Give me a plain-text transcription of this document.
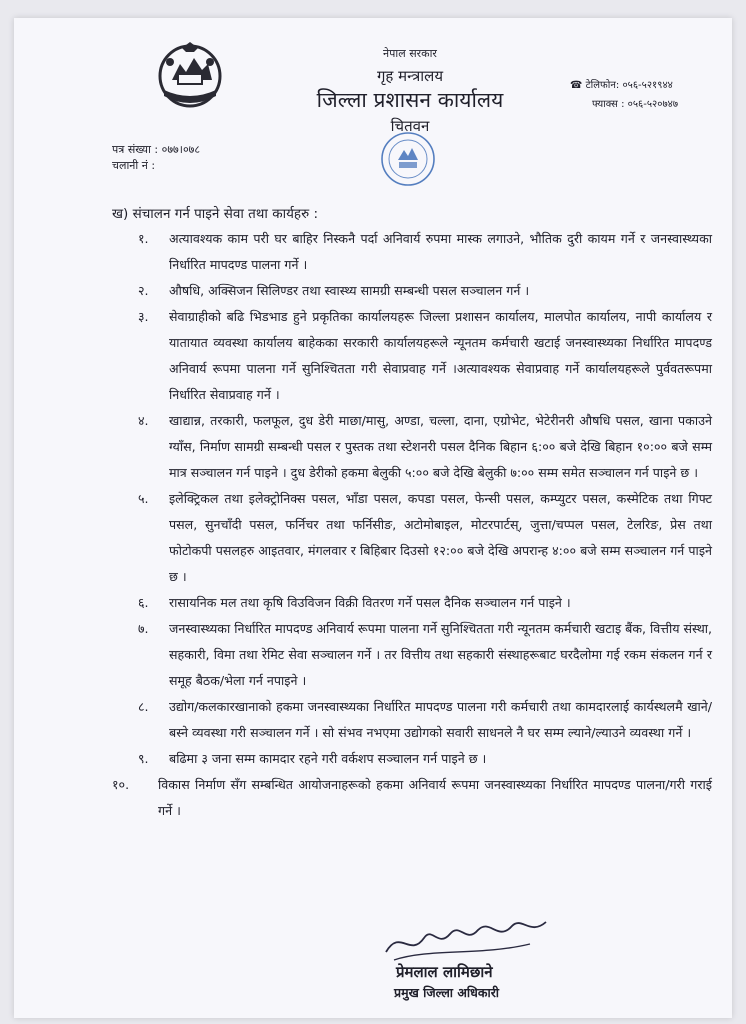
नेपाल सरकार
गृह मन्त्रालय
जिल्ला प्रशासन कार्यालय
चितवन
☎ टेलिफोन: ०५६-५२१९४४
फ्याक्स : ०५६-५२०७४७
पत्र संख्या : ०७७।०७८
चलानी नं :
ख) संचालन गर्न पाइने सेवा तथा कार्यहरु :
१. अत्यावश्यक काम परी घर बाहिर निस्कनै पर्दा अनिवार्य रुपमा मास्क लगाउने, भौतिक दुरी कायम गर्ने र जनस्वास्थ्यका निर्धारित मापदण्ड पालना गर्ने ।
२. औषधि, अक्सिजन सिलिण्डर तथा स्वास्थ्य सामग्री सम्बन्धी पसल सञ्चालन गर्न ।
३. सेवाग्राहीको बढि भिडभाड हुने प्रकृतिका कार्यालयहरू जिल्ला प्रशासन कार्यालय, मालपोत कार्यालय, नापी कार्यालय र यातायात व्यवस्था कार्यालय बाहेकका सरकारी कार्यालयहरूले न्यूनतम कर्मचारी खटाई जनस्वास्थ्यका निर्धारित मापदण्ड अनिवार्य रूपमा पालना गर्ने सुनिश्चितता गरी सेवाप्रवाह गर्ने ।अत्यावश्यक सेवाप्रवाह गर्ने कार्यालयहरूले पुर्ववतरूपमा निर्धारित सेवाप्रवाह गर्ने ।
४. खाद्यान्न, तरकारी, फलफूल, दुध डेरी माछा/मासु, अण्डा, चल्ला, दाना, एग्रोभेट, भेटेरीनरी औषधि पसल, खाना पकाउने ग्याँस, निर्माण सामग्री सम्बन्धी पसल र पुस्तक तथा स्टेशनरी पसल दैनिक बिहान ६:०० बजे देखि बिहान १०:०० बजे सम्म मात्र सञ्चालन गर्न पाइने । दुध डेरीको हकमा बेलुकी ५:०० बजे देखि बेलुकी ७:०० सम्म समेत सञ्चालन गर्न पाइने छ ।
५. इलेक्ट्रिकल तथा इलेक्ट्रोनिक्स पसल, भाँडा पसल, कपडा पसल, फेन्सी पसल, कम्प्युटर पसल, कस्मेटिक तथा गिफ्ट पसल, सुनचाँदी पसल, फर्निचर तथा फर्निसीङ, अटोमोबाइल, मोटरपार्टस्, जुत्ता/चप्पल पसल, टेलरिङ, प्रेस तथा फोटोकपी पसलहरु आइतवार, मंगलवार र बिहिबार दिउसो १२:०० बजे देखि अपरान्ह ४:०० बजे सम्म सञ्चालन गर्न पाइने छ ।
६. रासायनिक मल तथा कृषि विउविजन विक्री वितरण गर्ने पसल दैनिक सञ्चालन गर्न पाइने ।
७. जनस्वास्थ्यका निर्धारित मापदण्ड अनिवार्य रूपमा पालना गर्ने सुनिश्चितता गरी न्यूनतम कर्मचारी खटाइ बैंक, वित्तीय संस्था, सहकारी, विमा तथा रेमिट सेवा सञ्चालन गर्ने । तर वित्तीय तथा सहकारी संस्थाहरूबाट घरदैलोमा गई रकम संकलन गर्न र समूह बैठक/भेला गर्न नपाइने ।
८. उद्योग/कलकारखानाको हकमा जनस्वास्थ्यका निर्धारित मापदण्ड पालना गरी कर्मचारी तथा कामदारलाई कार्यस्थलमै खाने/बस्ने व्यवस्था गरी सञ्चालन गर्ने । सो संभव नभएमा उद्योगको सवारी साधनले नै घर सम्म ल्याने/ल्याउने व्यवस्था गर्ने ।
९. बढिमा ३ जना सम्म कामदार रहने गरी वर्कशप सञ्चालन गर्न पाइने छ ।
१०. विकास निर्माण सँग सम्बन्धित आयोजनाहरूको हकमा अनिवार्य रूपमा जनस्वास्थ्यका निर्धारित मापदण्ड पालना/गरी गराई गर्ने ।
प्रेमलाल लामिछाने
प्रमुख जिल्ला अधिकारी
